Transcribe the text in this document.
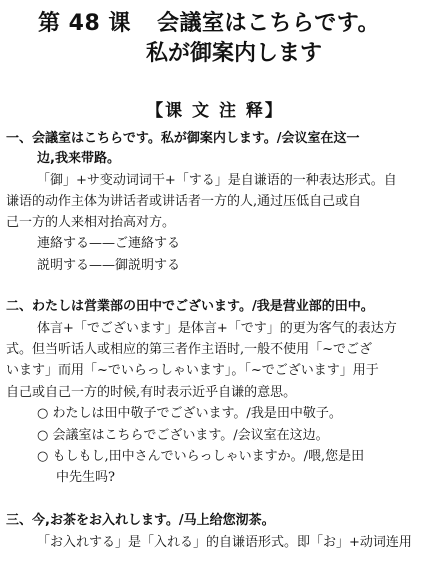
第 48 课 会議室はこちらです。
私が御案内します
【课 文 注 释】
一、会議室はこちらです。私が御案内します。/会议室在这一
边,我来带路。
「御」+サ变动词词干+「する」是自谦语的一种表达形式。自
谦语的动作主体为讲话者或讲话者一方的人,通过压低自己或自
己一方的人来相对抬高对方。
連絡する——ご連絡する
説明する——御説明する
二、わたしは営業部の田中でございます。/我是营业部的田中。
体言+「でございます」是体言+「です」的更为客气的表达方
式。但当听话人或相应的第三者作主语时,一般不使用「~でござ
います」而用「~でいらっしゃいます」。「~でございます」用于
自己或自己一方的时候,有时表示近乎自谦的意思。
○ わたしは田中敬子でございます。/我是田中敬子。
○ 会議室はこちらでございます。/会议室在这边。
○ もしもし,田中さんでいらっしゃいますか。/喂,您是田
中先生吗?
三、今,お茶をお入れします。/马上给您沏茶。
「お入れする」是「入れる」的自谦语形式。即「お」+动词连用
